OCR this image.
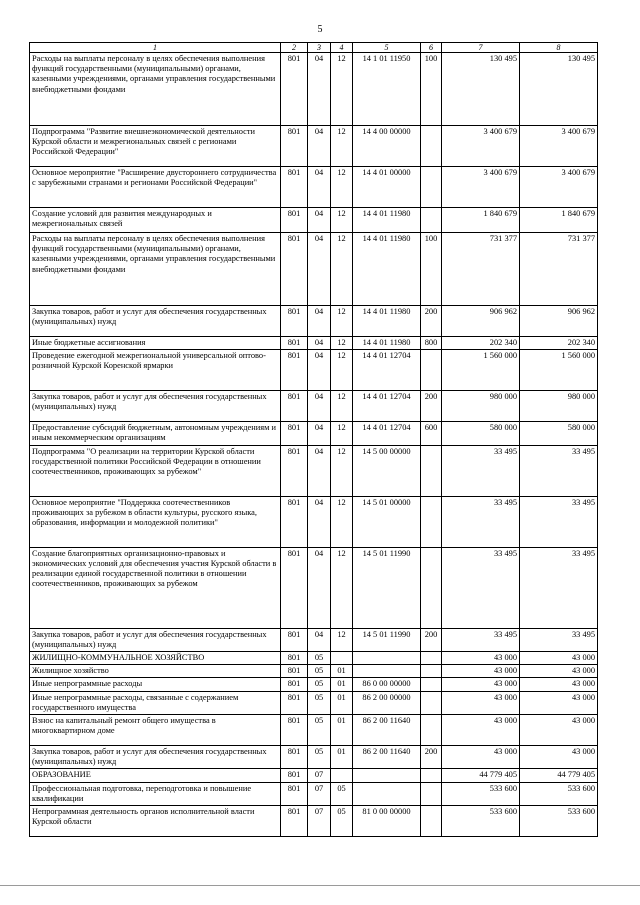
5
1	2	3	4	5	6	7	8
Расходы на выплаты персоналу в целях обеспечения выполнения функций государственными (муниципальными) органами, казенными учреждениями, органами управления государственными внебюджетными фондами	801	04	12	14 1 01 11950	100	130 495	130 495
Подпрограмма "Развитие внешнеэкономической деятельности Курской области и межрегиональных связей с регионами Российской Федерации"	801	04	12	14 4 00 00000		3 400 679	3 400 679
Основное мероприятие "Расширение двустороннего сотрудничества с зарубежными странами и регионами Российской Федерации"	801	04	12	14 4 01 00000		3 400 679	3 400 679
Создание условий для развития международных и межрегиональных связей	801	04	12	14 4 01 11980		1 840 679	1 840 679
Расходы на выплаты персоналу в целях обеспечения выполнения функций государственными (муниципальными) органами, казенными учреждениями, органами управления государственными внебюджетными фондами	801	04	12	14 4 01 11980	100	731 377	731 377
Закупка товаров, работ и услуг для обеспечения государственных (муниципальных) нужд	801	04	12	14 4 01 11980	200	906 962	906 962
Иные бюджетные ассигнования	801	04	12	14 4 01 11980	800	202 340	202 340
Проведение ежегодной межрегиональной универсальной оптово-розничной Курской Коренской ярмарки	801	04	12	14 4 01 12704		1 560 000	1 560 000
Закупка товаров, работ и услуг для обеспечения государственных (муниципальных) нужд	801	04	12	14 4 01 12704	200	980 000	980 000
Предоставление субсидий бюджетным, автономным учреждениям и иным некоммерческим организациям	801	04	12	14 4 01 12704	600	580 000	580 000
Подпрограмма "О реализации на территории Курской области государственной политики Российской Федерации в отношении соотечественников, проживающих за рубежом"	801	04	12	14 5 00 00000		33 495	33 495
Основное мероприятие "Поддержка соотечественников проживающих за рубежом в области культуры, русского языка, образования, информации и молодежной политики"	801	04	12	14 5 01 00000		33 495	33 495
Создание благоприятных организационно-правовых и экономических условий для обеспечения участия Курской области в реализации единой государственной политики в отношении соотечественников, проживающих за рубежом	801	04	12	14 5 01 11990		33 495	33 495
Закупка товаров, работ и услуг для обеспечения государственных (муниципальных) нужд	801	04	12	14 5 01 11990	200	33 495	33 495
ЖИЛИЩНО-КОММУНАЛЬНОЕ ХОЗЯЙСТВО	801	05				43 000	43 000
Жилищное хозяйство	801	05	01			43 000	43 000
Иные непрограммные расходы	801	05	01	86 0 00 00000		43 000	43 000
Иные непрограммные расходы, связанные с содержанием государственного имущества	801	05	01	86 2 00 00000		43 000	43 000
Взнос на капитальный ремонт общего имущества в многоквартирном доме	801	05	01	86 2 00 11640		43 000	43 000
Закупка товаров, работ и услуг для обеспечения государственных (муниципальных) нужд	801	05	01	86 2 00 11640	200	43 000	43 000
ОБРАЗОВАНИЕ	801	07				44 779 405	44 779 405
Профессиональная подготовка, переподготовка и повышение квалификации	801	07	05			533 600	533 600
Непрограммная деятельность органов исполнительной власти Курской области	801	07	05	81 0 00 00000		533 600	533 600
